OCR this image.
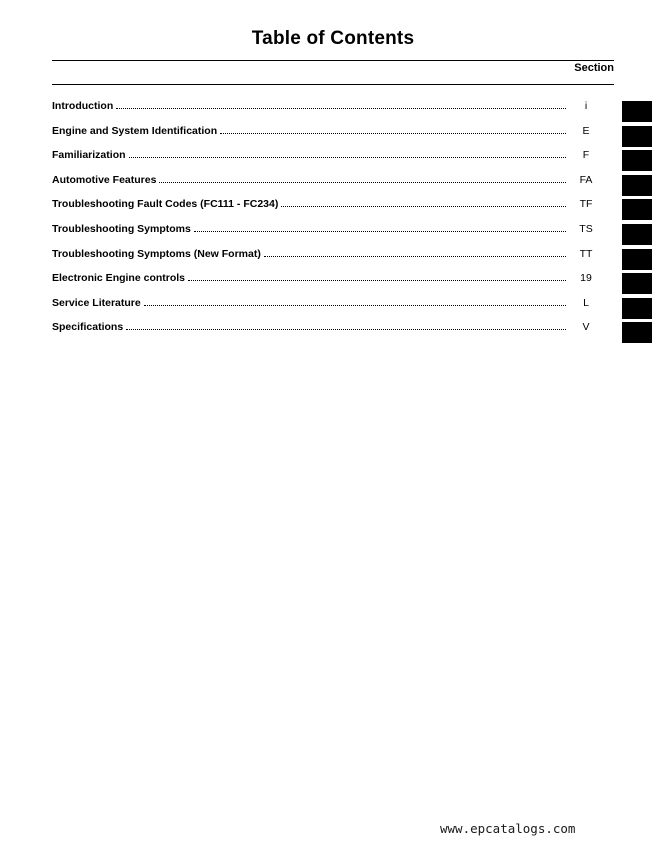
Table of Contents
Section
Introduction	i
Engine and System Identification	E
Familiarization	F
Automotive Features	FA
Troubleshooting Fault Codes (FC111 - FC234)	TF
Troubleshooting Symptoms	TS
Troubleshooting Symptoms (New Format)	TT
Electronic Engine controls	19
Service Literature	L
Specifications	V
www.epcatalogs.com
